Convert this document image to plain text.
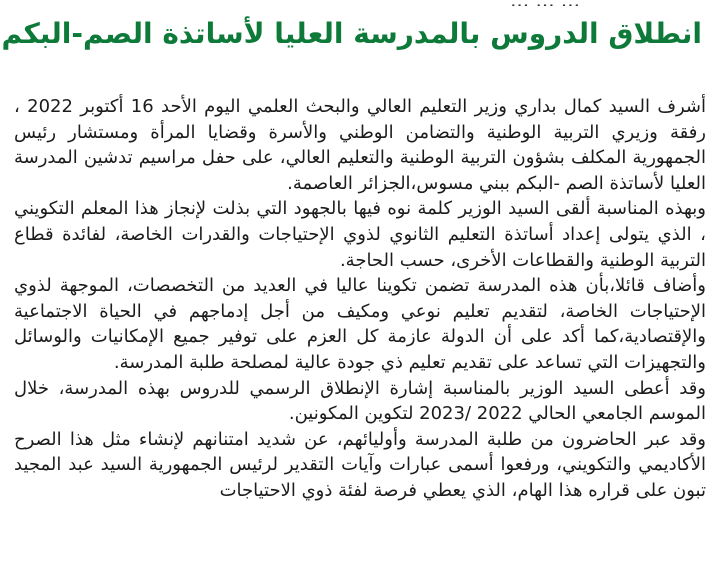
انطلاق الدروس بالمدرسة العليا لأساتذة الصم-البكم

أشرف السيد كمال بداري وزير التعليم العالي والبحث العلمي اليوم الأحد 16 أكتوبر 2022 ، رفقة وزيري التربية الوطنية والتضامن الوطني والأسرة وقضايا المرأة ومستشار رئيس الجمهورية المكلف بشؤون التربية الوطنية والتعليم العالي، على حفل مراسيم تدشين المدرسة العليا لأساتذة الصم -البكم ببني مسوس،الجزائر العاصمة.

وبهذه المناسبة ألقى السيد الوزير كلمة نوه فيها بالجهود التي بذلت لإنجاز هذا المعلم التكويني ، الذي يتولى إعداد أساتذة التعليم الثانوي لذوي الإحتياجات والقدرات الخاصة، لفائدة قطاع التربية الوطنية والقطاعات الأخرى، حسب الحاجة.

وأضاف قائلا،بأن هذه المدرسة تضمن تكوينا عاليا في العديد من التخصصات، الموجهة لذوي الإحتياجات الخاصة، لتقديم تعليم نوعي ومكيف من أجل إدماجهم في الحياة الاجتماعية والإقتصادية،كما أكد على أن الدولة عازمة كل العزم على توفير جميع الإمكانيات والوسائل والتجهيزات التي تساعد على تقديم تعليم ذي جودة عالية لمصلحة طلبة المدرسة.

وقد أعطى السيد الوزير بالمناسبة إشارة الإنطلاق الرسمي للدروس بهذه المدرسة، خلال الموسم الجامعي الحالي 2022 /2023 لتكوين المكونين.

وقد عبر الحاضرون من طلبة المدرسة وأوليائهم، عن شديد امتنانهم لإنشاء مثل هذا الصرح الأكاديمي والتكويني، ورفعوا أسمى عبارات وآيات التقدير لرئيس الجمهورية السيد عبد المجيد تبون على قراره هذا الهام، الذي يعطي فرصة لفئة ذوي الاحتياجات
